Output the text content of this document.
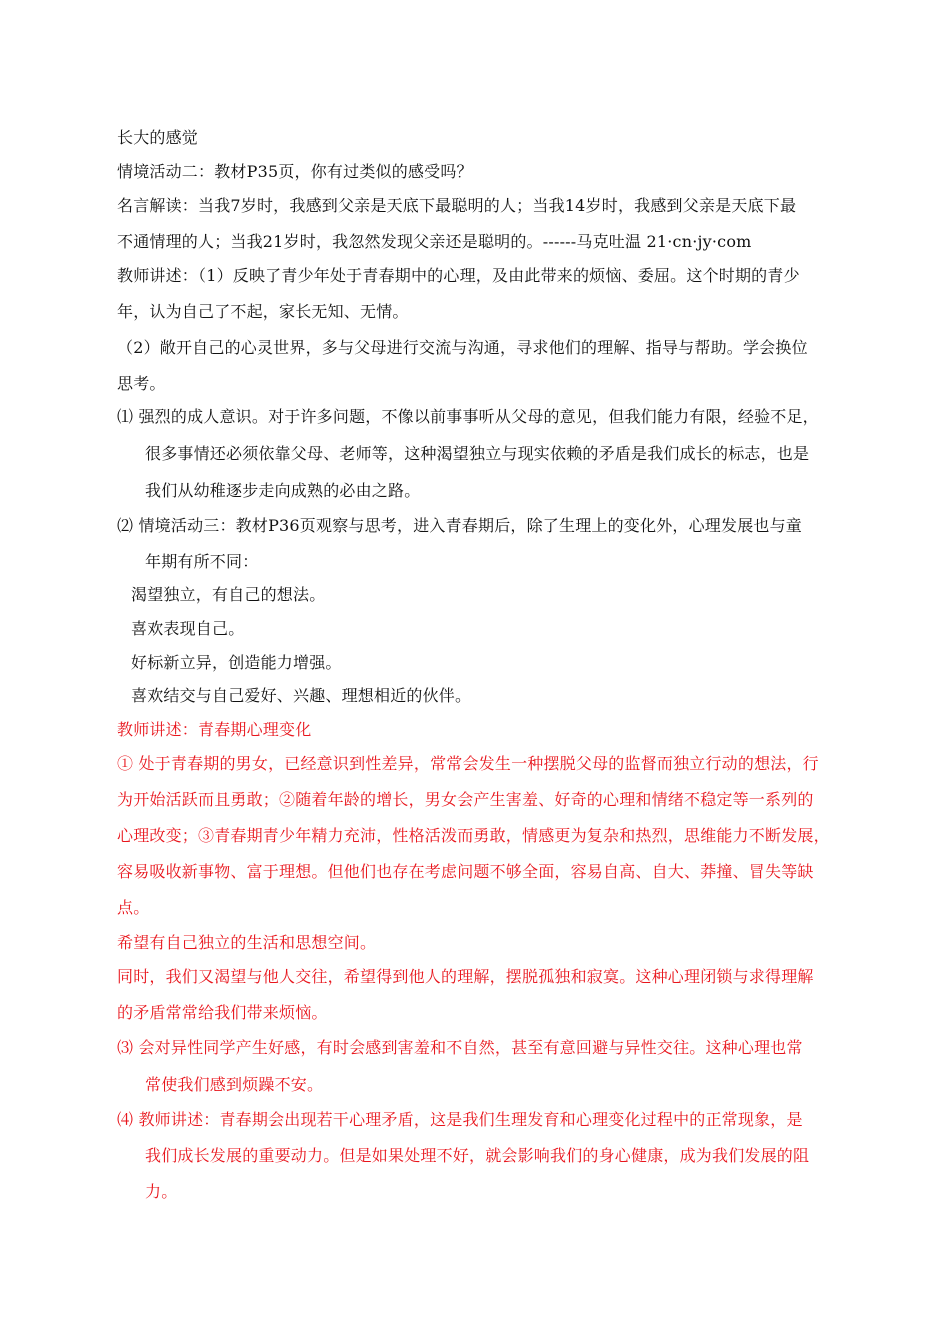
长大的感觉
情境活动二：教材P35页，你有过类似的感受吗？
名言解读：当我7岁时，我感到父亲是天底下最聪明的人；当我14岁时，我感到父亲是天底下最
不通情理的人；当我21岁时，我忽然发现父亲还是聪明的。------马克吐温 21·cn·jy·com
教师讲述：（1）反映了青少年处于青春期中的心理，及由此带来的烦恼、委屈。这个时期的青少
年，认为自己了不起，家长无知、无情。
（2）敞开自己的心灵世界，多与父母进行交流与沟通，寻求他们的理解、指导与帮助。学会换位
思考。
⑴ 强烈的成人意识。对于许多问题，不像以前事事听从父母的意见，但我们能力有限，经验不足，
很多事情还必须依靠父母、老师等，这种渴望独立与现实依赖的矛盾是我们成长的标志，也是
我们从幼稚逐步走向成熟的必由之路。
⑵ 情境活动三：教材P36页观察与思考，进入青春期后，除了生理上的变化外，心理发展也与童
年期有所不同：
渴望独立，有自己的想法。
喜欢表现自己。
好标新立异，创造能力增强。
喜欢结交与自己爱好、兴趣、理想相近的伙伴。
教师讲述：青春期心理变化
① 处于青春期的男女，已经意识到性差异，常常会发生一种摆脱父母的监督而独立行动的想法，行
为开始活跃而且勇敢；②随着年龄的增长，男女会产生害羞、好奇的心理和情绪不稳定等一系列的
心理改变；③青春期青少年精力充沛，性格活泼而勇敢，情感更为复杂和热烈，思维能力不断发展，
容易吸收新事物、富于理想。但他们也存在考虑问题不够全面，容易自高、自大、莽撞、冒失等缺
点。
希望有自己独立的生活和思想空间。
同时，我们又渴望与他人交往，希望得到他人的理解，摆脱孤独和寂寞。这种心理闭锁与求得理解
的矛盾常常给我们带来烦恼。
⑶ 会对异性同学产生好感，有时会感到害羞和不自然，甚至有意回避与异性交往。这种心理也常
常使我们感到烦躁不安。
⑷ 教师讲述：青春期会出现若干心理矛盾，这是我们生理发育和心理变化过程中的正常现象，是
我们成长发展的重要动力。但是如果处理不好，就会影响我们的身心健康，成为我们发展的阻
力。
